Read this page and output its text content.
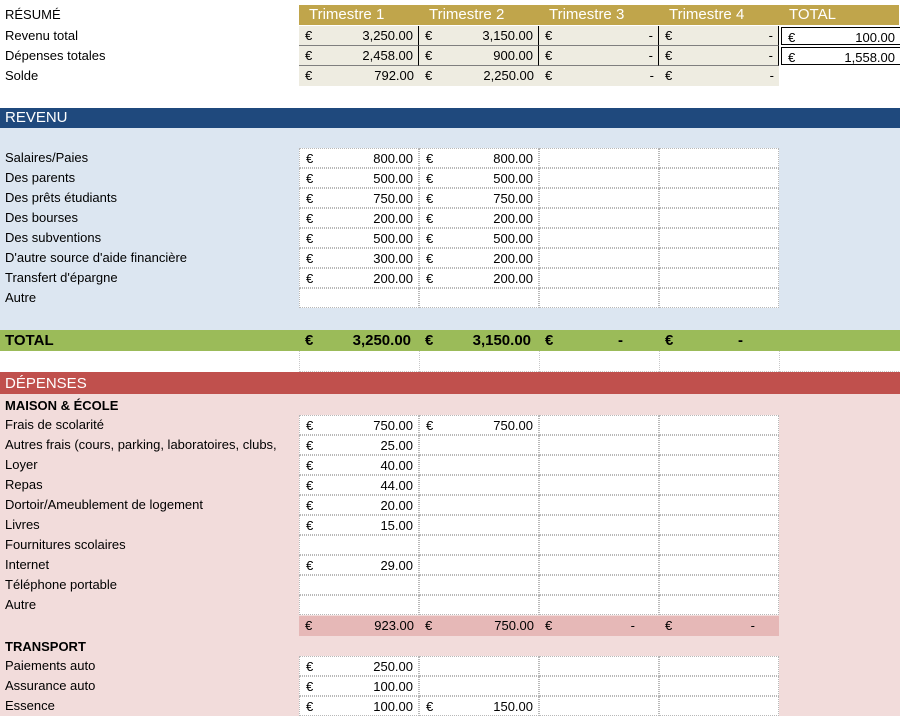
RÉSUMÉ	Trimestre 1	Trimestre 2	Trimestre 3	Trimestre 4	TOTAL
Revenu total	€	3,250.00 €	3,150.00 €	- €	- €	100.00
Dépenses totales	€	2,458.00 €	900.00 €	- €	- €	1,558.00
Solde	€	792.00 €	2,250.00 €	- €	-
REVENU
Salaires/Paies	€	800.00 €	800.00
Des parents	€	500.00 €	500.00
Des prêts étudiants	€	750.00 €	750.00
Des bourses	€	200.00 €	200.00
Des subventions	€	500.00 €	500.00
D'autre source d'aide financière	€	300.00 €	200.00
Transfert d'épargne	€	200.00 €	200.00
Autre
TOTAL	€	3,250.00 €	3,150.00 €	-	€	-
DÉPENSES
MAISON & ÉCOLE
Frais de scolarité	€	750.00 €	750.00
Autres frais (cours, parking, laboratoires, clubs,	€	25.00
Loyer	€	40.00
Repas	€	44.00
Dortoir/Ameublement de logement	€	20.00
Livres	€	15.00
Fournitures scolaires
Internet	€	29.00
Téléphone portable
Autre
€	923.00 €	750.00 €	- €	-
TRANSPORT
Paiements auto	€	250.00
Assurance auto	€	100.00
Essence	€	100.00 €	150.00
